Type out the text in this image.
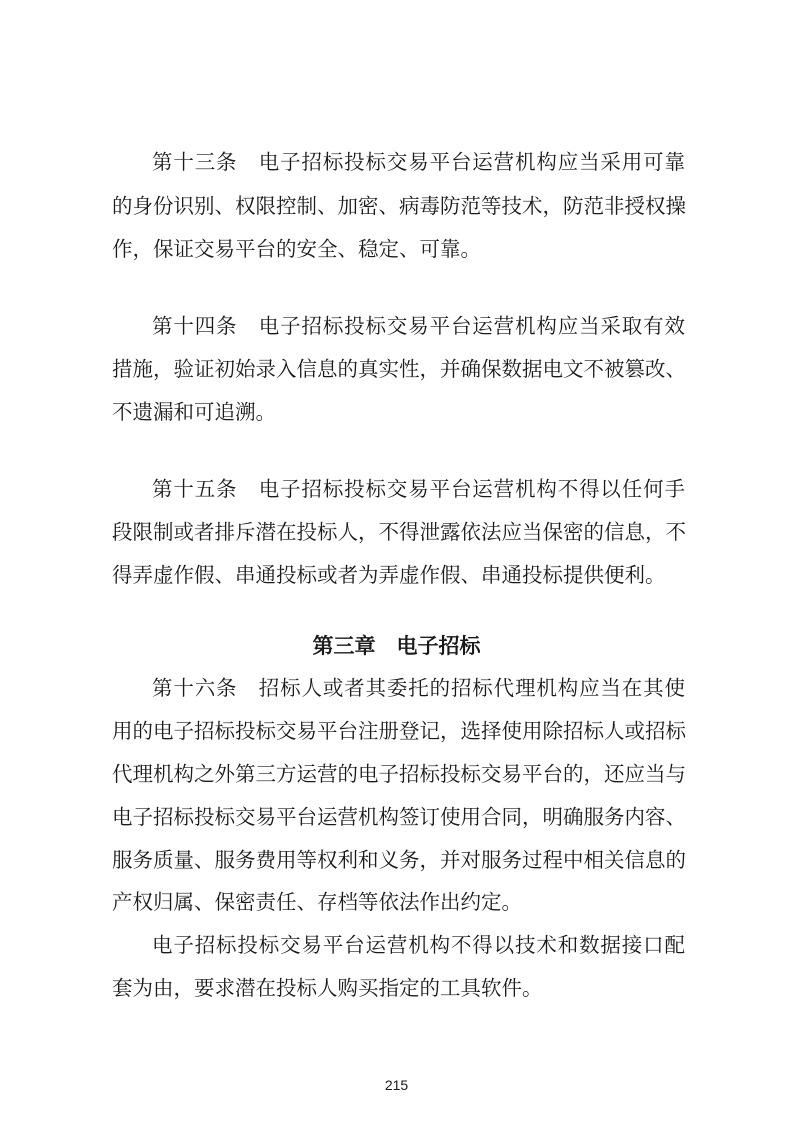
第十三条　电子招标投标交易平台运营机构应当采用可靠
的身份识别、权限控制、加密、病毒防范等技术，防范非授权操
作，保证交易平台的安全、稳定、可靠。
第十四条　电子招标投标交易平台运营机构应当采取有效
措施，验证初始录入信息的真实性，并确保数据电文不被篡改、
不遗漏和可追溯。
第十五条　电子招标投标交易平台运营机构不得以任何手
段限制或者排斥潜在投标人，不得泄露依法应当保密的信息，不
得弄虚作假、串通投标或者为弄虚作假、串通投标提供便利。
第三章　电子招标
第十六条　招标人或者其委托的招标代理机构应当在其使
用的电子招标投标交易平台注册登记，选择使用除招标人或招标
代理机构之外第三方运营的电子招标投标交易平台的，还应当与
电子招标投标交易平台运营机构签订使用合同，明确服务内容、
服务质量、服务费用等权利和义务，并对服务过程中相关信息的
产权归属、保密责任、存档等依法作出约定。
电子招标投标交易平台运营机构不得以技术和数据接口配
套为由，要求潜在投标人购买指定的工具软件。
215
